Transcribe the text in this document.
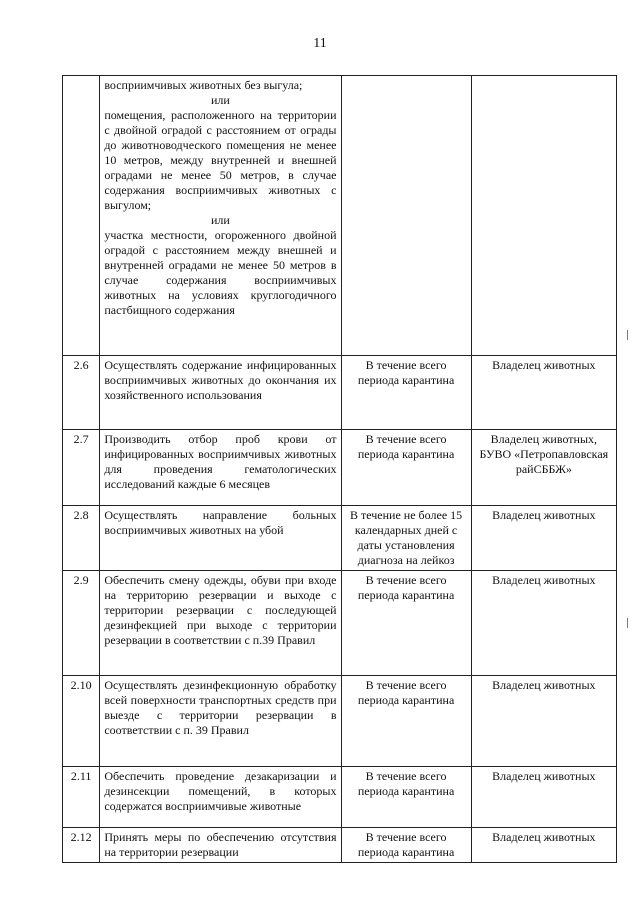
11

	восприимчивых животных без выгула;
или
помещения, расположенного на территории с двойной оградой с расстоянием от ограды до животноводческого помещения не менее 10 метров, между внутренней и внешней оградами не менее 50 метров, в случае содержания восприимчивых животных с выгулом;
или
участка местности, огороженного двойной оградой с расстоянием между внешней и внутренней оградами не менее 50 метров в случае содержания восприимчивых животных на условиях круглогодичного пастбищного содержания		

2.6	Осуществлять содержание инфицированных восприимчивых животных до окончания их хозяйственного использования	В течение всего периода карантина	Владелец животных
2.7	Производить отбор проб крови от инфицированных восприимчивых животных для проведения гематологических исследований каждые 6 месяцев	В течение всего периода карантина	Владелец животных, БУВО «Петропавловская райСББЖ»
2.8	Осуществлять направление больных восприимчивых животных на убой	В течение не более 15 календарных дней с даты установления диагноза на лейкоз	Владелец животных
2.9	Обеспечить смену одежды, обуви при входе на территорию резервации и выходе с территории резервации с последующей дезинфекцией при выходе с территории резервации в соответствии с п.39 Правил	В течение всего периода карантина	Владелец животных
2.10	Осуществлять дезинфекционную обработку всей поверхности транспортных средств при выезде с территории резервации в соответствии с п. 39 Правил	В течение всего периода карантина	Владелец животных
2.11	Обеспечить проведение дезакаризации и дезинсекции помещений, в которых содержатся восприимчивые животные	В течение всего периода карантина	Владелец животных
2.12	Принять меры по обеспечению отсутствия на территории резервации	В течение всего периода карантина	Владелец животных
